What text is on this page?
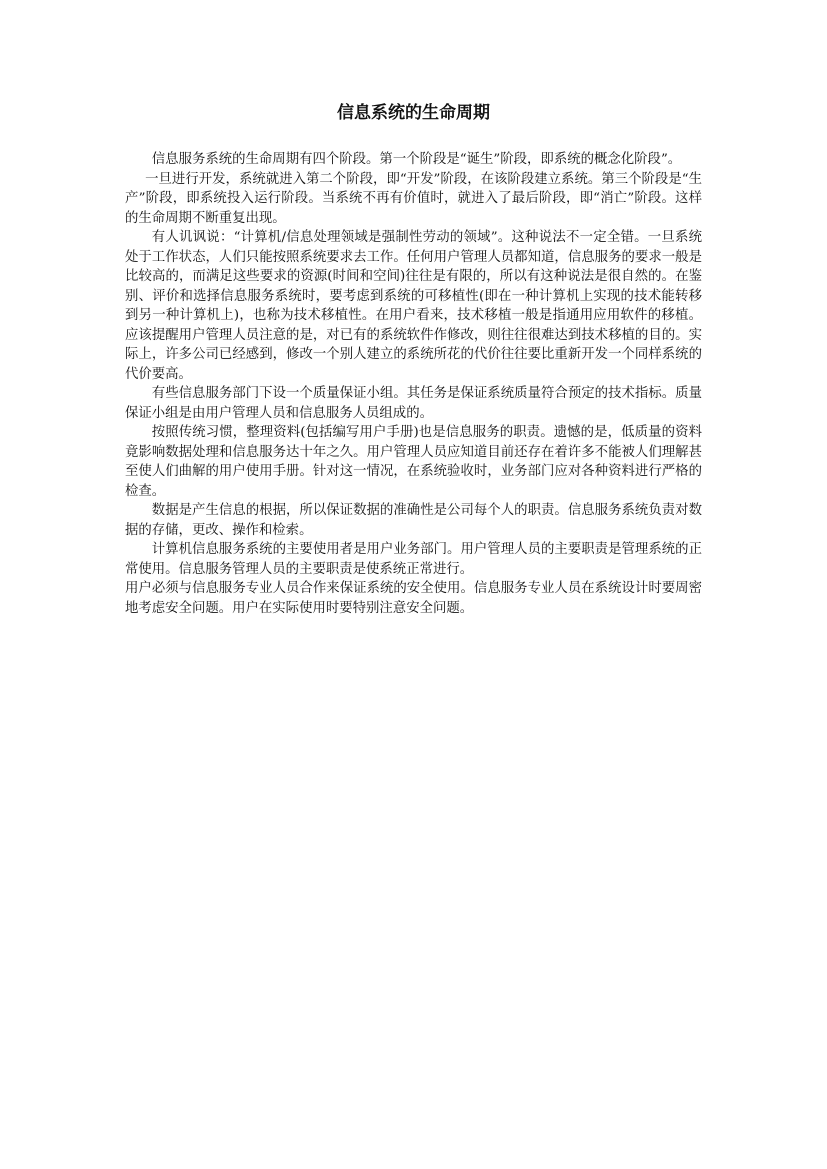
信息系统的生命周期

信息服务系统的生命周期有四个阶段。第一个阶段是“诞生”阶段，即系统的概念化阶段”。

一旦进行开发，系统就进入第二个阶段，即“开发”阶段，在该阶段建立系统。第三个阶段是“生产”阶段，即系统投入运行阶段。当系统不再有价值时，就进入了最后阶段，即“消亡”阶段。这样的生命周期不断重复出现。

有人讥讽说：“计算机/信息处理领域是强制性劳动的领域”。这种说法不一定全错。一旦系统处于工作状态，人们只能按照系统要求去工作。任何用户管理人员都知道，信息服务的要求一般是比较高的，而满足这些要求的资源(时间和空间)往往是有限的，所以有这种说法是很自然的。在鉴别、评价和选择信息服务系统时，要考虑到系统的可移植性(即在一种计算机上实现的技术能转移到另一种计算机上)，也称为技术移植性。在用户看来，技术移植一般是指通用应用软件的移植。应该提醒用户管理人员注意的是，对已有的系统软件作修改，则往往很难达到技术移植的目的。实际上，许多公司已经感到，修改一个别人建立的系统所花的代价往往要比重新开发一个同样系统的代价要高。

有些信息服务部门下设一个质量保证小组。其任务是保证系统质量符合预定的技术指标。质量保证小组是由用户管理人员和信息服务人员组成的。

按照传统习惯，整理资料(包括编写用户手册)也是信息服务的职责。遗憾的是，低质量的资料竟影响数据处理和信息服务达十年之久。用户管理人员应知道目前还存在着许多不能被人们理解甚至使人们曲解的用户使用手册。针对这一情况，在系统验收时，业务部门应对各种资料进行严格的检查。

数据是产生信息的根据，所以保证数据的准确性是公司每个人的职责。信息服务系统负责对数据的存储，更改、操作和检索。

计算机信息服务系统的主要使用者是用户业务部门。用户管理人员的主要职责是管理系统的正常使用。信息服务管理人员的主要职责是使系统正常进行。

用户必须与信息服务专业人员合作来保证系统的安全使用。信息服务专业人员在系统设计时要周密地考虑安全问题。用户在实际使用时要特别注意安全问题。
